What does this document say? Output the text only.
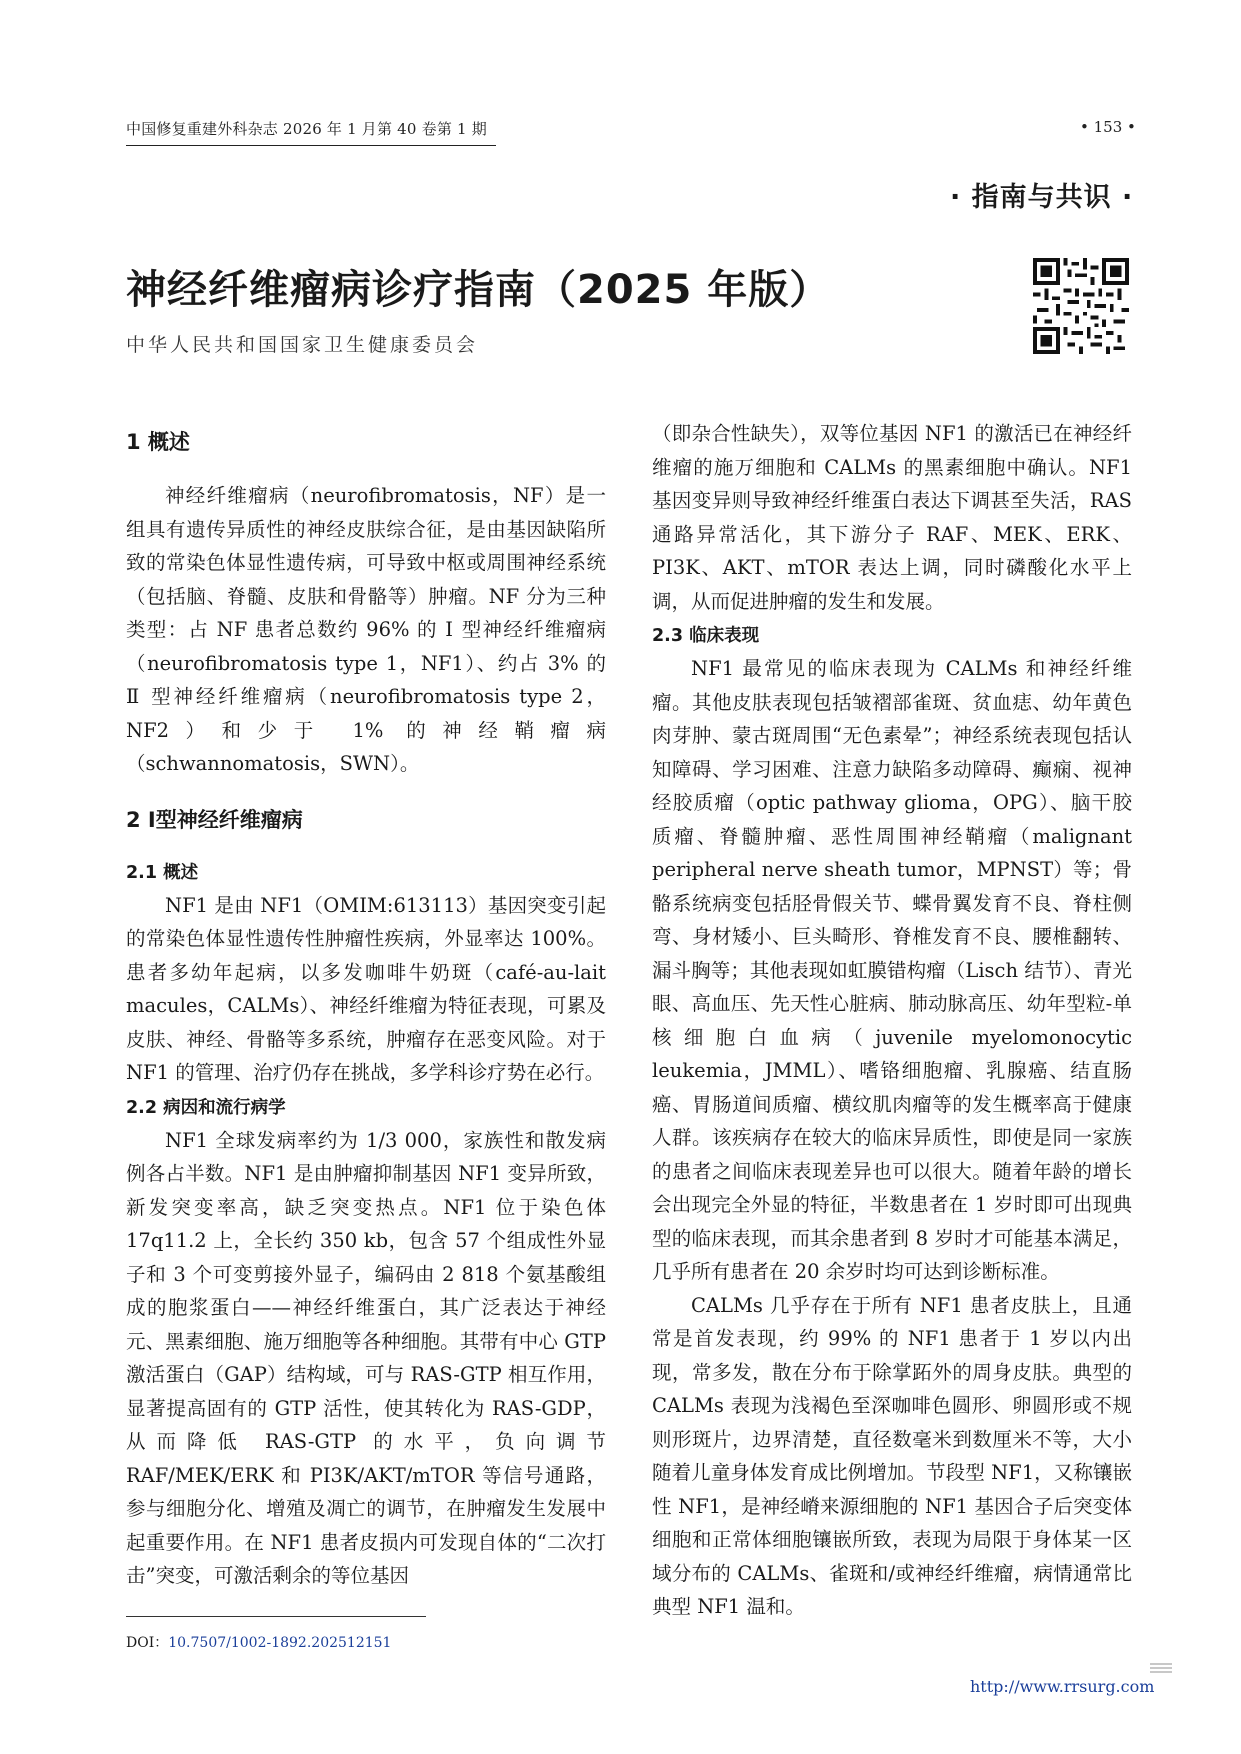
中国修复重建外科杂志 2026 年 1 月第 40 卷第 1 期	• 153 •
· 指南与共识 ·
神经纤维瘤病诊疗指南（2025 年版）
中华人民共和国国家卫生健康委员会
1 概述

神经纤维瘤病（neurofibromatosis，NF）是一组具有遗传异质性的神经皮肤综合征，是由基因缺陷所致的常染色体显性遗传病，可导致中枢或周围神经系统（包括脑、脊髓、皮肤和骨骼等）肿瘤。NF 分为三种类型：占 NF 患者总数约 96% 的 Ⅰ 型神经纤维瘤病（neurofibromatosis type 1，NF1）、约占 3% 的 Ⅱ 型神经纤维瘤病（neurofibromatosis type 2，NF2）和少于 1% 的神经鞘瘤病（schwannomatosis，SWN）。

2 Ⅰ型神经纤维瘤病
2.1 概述

NF1 是由 NF1（OMIM:613113）基因突变引起的常染色体显性遗传性肿瘤性疾病，外显率达 100%。患者多幼年起病，以多发咖啡牛奶斑（café-au-lait macules，CALMs）、神经纤维瘤为特征表现，可累及皮肤、神经、骨骼等多系统，肿瘤存在恶变风险。对于 NF1 的管理、治疗仍存在挑战，多学科诊疗势在必行。

2.2 病因和流行病学

NF1 全球发病率约为 1/3 000，家族性和散发病例各占半数。NF1 是由肿瘤抑制基因 NF1 变异所致，新发突变率高，缺乏突变热点。NF1 位于染色体 17q11.2 上，全长约 350 kb，包含 57 个组成性外显子和 3 个可变剪接外显子，编码由 2 818 个氨基酸组成的胞浆蛋白——神经纤维蛋白，其广泛表达于神经元、黑素细胞、施万细胞等各种细胞。其带有中心 GTP 激活蛋白（GAP）结构域，可与 RAS-GTP 相互作用，显著提高固有的 GTP 活性，使其转化为 RAS-GDP，从而降低 RAS-GTP 的水平，负向调节 RAF/MEK/ERK 和 PI3K/AKT/mTOR 等信号通路，参与细胞分化、增殖及凋亡的调节，在肿瘤发生发展中起重要作用。在 NF1 患者皮损内可发现自体的“二次打击”突变，可激活剩余的等位基因

（即杂合性缺失），双等位基因 NF1 的激活已在神经纤维瘤的施万细胞和 CALMs 的黑素细胞中确认。NF1 基因变异则导致神经纤维蛋白表达下调甚至失活，RAS 通路异常活化，其下游分子 RAF、MEK、ERK、PI3K、AKT、mTOR 表达上调，同时磷酸化水平上调，从而促进肿瘤的发生和发展。

2.3 临床表现

NF1 最常见的临床表现为 CALMs 和神经纤维瘤。其他皮肤表现包括皱褶部雀斑、贫血痣、幼年黄色肉芽肿、蒙古斑周围“无色素晕”；神经系统表现包括认知障碍、学习困难、注意力缺陷多动障碍、癫痫、视神经胶质瘤（optic pathway glioma，OPG）、脑干胶质瘤、脊髓肿瘤、恶性周围神经鞘瘤（malignant peripheral nerve sheath tumor，MPNST）等；骨骼系统病变包括胫骨假关节、蝶骨翼发育不良、脊柱侧弯、身材矮小、巨头畸形、脊椎发育不良、腰椎翻转、漏斗胸等；其他表现如虹膜错构瘤（Lisch 结节）、青光眼、高血压、先天性心脏病、肺动脉高压、幼年型粒-单核细胞白血病（juvenile myelomonocytic leukemia，JMML）、嗜铬细胞瘤、乳腺癌、结直肠癌、胃肠道间质瘤、横纹肌肉瘤等的发生概率高于健康人群。该疾病存在较大的临床异质性，即使是同一家族的患者之间临床表现差异也可以很大。随着年龄的增长会出现完全外显的特征，半数患者在 1 岁时即可出现典型的临床表现，而其余患者到 8 岁时才可能基本满足，几乎所有患者在 20 余岁时均可达到诊断标准。

CALMs 几乎存在于所有 NF1 患者皮肤上，且通常是首发表现，约 99% 的 NF1 患者于 1 岁以内出现，常多发，散在分布于除掌跖外的周身皮肤。典型的 CALMs 表现为浅褐色至深咖啡色圆形、卵圆形或不规则形斑片，边界清楚，直径数毫米到数厘米不等，大小随着儿童身体发育成比例增加。节段型 NF1，又称镶嵌性 NF1，是神经嵴来源细胞的 NF1 基因合子后突变体细胞和正常体细胞镶嵌所致，表现为局限于身体某一区域分布的 CALMs、雀斑和/或神经纤维瘤，病情通常比典型 NF1 温和。

DOI：10.7507/1002-1892.202512151
http://www.rrsurg.com
